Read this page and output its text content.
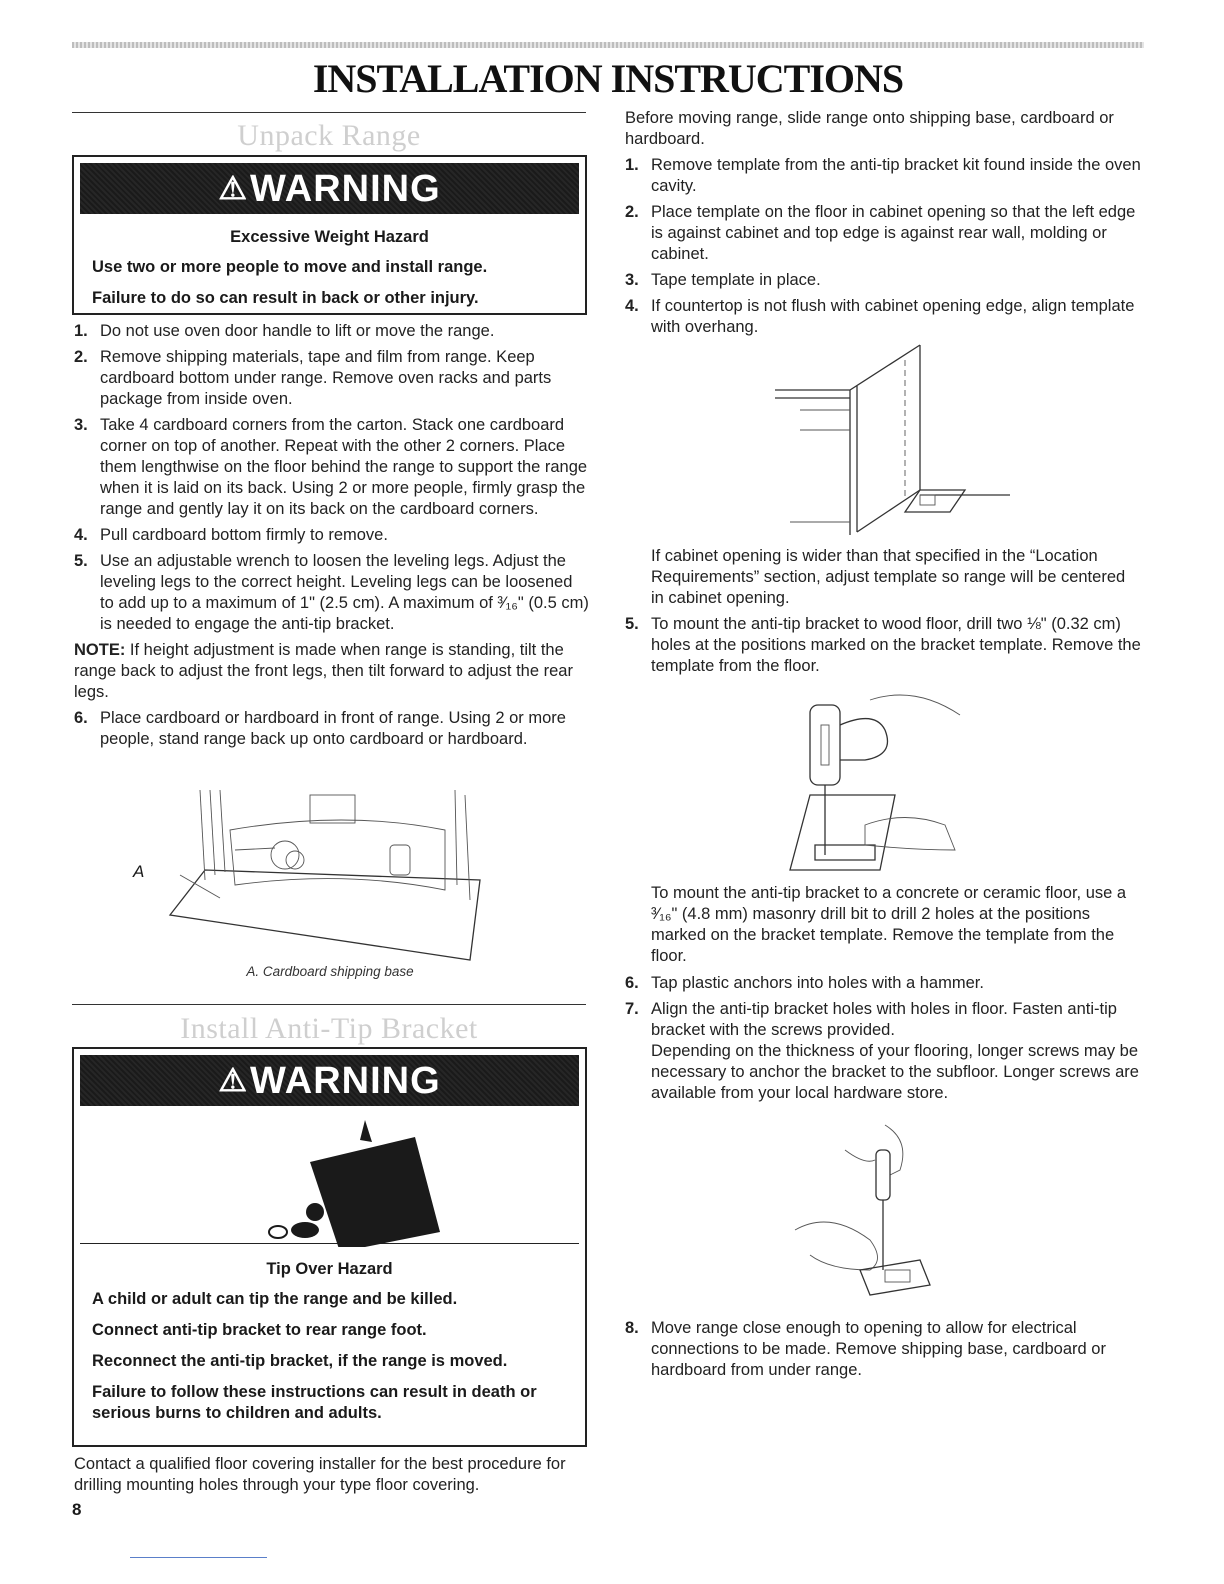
INSTALLATION INSTRUCTIONS
Unpack Range
⚠WARNING
Excessive Weight Hazard
Use two or more people to move and install range.
Failure to do so can result in back or other injury.
1. Do not use oven door handle to lift or move the range.
2. Remove shipping materials, tape and film from range. Keep cardboard bottom under range. Remove oven racks and parts package from inside oven.
3. Take 4 cardboard corners from the carton. Stack one cardboard corner on top of another. Repeat with the other 2 corners. Place them lengthwise on the floor behind the range to support the range when it is laid on its back. Using 2 or more people, firmly grasp the range and gently lay it on its back on the cardboard corners.
4. Pull cardboard bottom firmly to remove.
5. Use an adjustable wrench to loosen the leveling legs. Adjust the leveling legs to the correct height. Leveling legs can be loosened to add up to a maximum of 1" (2.5 cm). A maximum of ³⁄₁₆" (0.5 cm) is needed to engage the anti-tip bracket.
NOTE: If height adjustment is made when range is standing, tilt the range back to adjust the front legs, then tilt forward to adjust the rear legs.
6. Place cardboard or hardboard in front of range. Using 2 or more people, stand range back up onto cardboard or hardboard.
A
A. Cardboard shipping base
Install Anti-Tip Bracket
⚠WARNING
Tip Over Hazard
A child or adult can tip the range and be killed.
Connect anti-tip bracket to rear range foot.
Reconnect the anti-tip bracket, if the range is moved.
Failure to follow these instructions can result in death or serious burns to children and adults.
Contact a qualified floor covering installer for the best procedure for drilling mounting holes through your type floor covering.
8
Before moving range, slide range onto shipping base, cardboard or hardboard.
1. Remove template from the anti-tip bracket kit found inside the oven cavity.
2. Place template on the floor in cabinet opening so that the left edge is against cabinet and top edge is against rear wall, molding or cabinet.
3. Tape template in place.
4. If countertop is not flush with cabinet opening edge, align template with overhang.
If cabinet opening is wider than that specified in the “Location Requirements” section, adjust template so range will be centered in cabinet opening.
5. To mount the anti-tip bracket to wood floor, drill two ⅛" (0.32 cm) holes at the positions marked on the bracket template. Remove the template from the floor.
To mount the anti-tip bracket to a concrete or ceramic floor, use a ³⁄₁₆" (4.8 mm) masonry drill bit to drill 2 holes at the positions marked on the bracket template. Remove the template from the floor.
6. Tap plastic anchors into holes with a hammer.
7. Align the anti-tip bracket holes with holes in floor. Fasten anti-tip bracket with the screws provided.
Depending on the thickness of your flooring, longer screws may be necessary to anchor the bracket to the subfloor. Longer screws are available from your local hardware store.
8. Move range close enough to opening to allow for electrical connections to be made. Remove shipping base, cardboard or hardboard from under range.
